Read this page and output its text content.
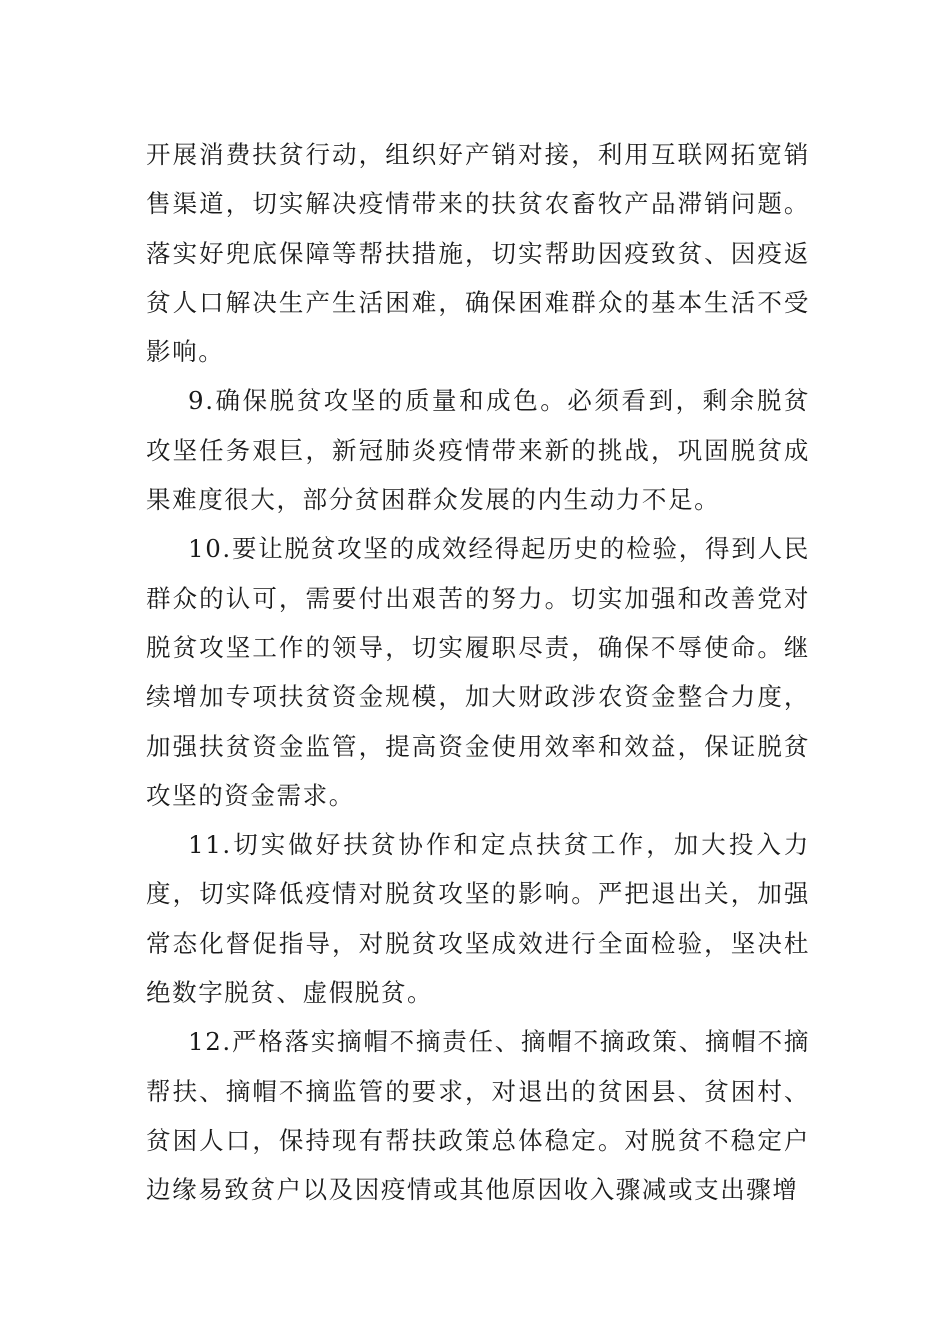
开展消费扶贫行动，组织好产销对接，利用互联网拓宽销售渠道，切实解决疫情带来的扶贫农畜牧产品滞销问题。落实好兜底保障等帮扶措施，切实帮助因疫致贫、因疫返贫人口解决生产生活困难，确保困难群众的基本生活不受影响。

9.确保脱贫攻坚的质量和成色。必须看到，剩余脱贫攻坚任务艰巨，新冠肺炎疫情带来新的挑战，巩固脱贫成果难度很大，部分贫困群众发展的内生动力不足。

10.要让脱贫攻坚的成效经得起历史的检验，得到人民群众的认可，需要付出艰苦的努力。切实加强和改善党对脱贫攻坚工作的领导，切实履职尽责，确保不辱使命。继续增加专项扶贫资金规模，加大财政涉农资金整合力度，加强扶贫资金监管，提高资金使用效率和效益，保证脱贫攻坚的资金需求。

11.切实做好扶贫协作和定点扶贫工作，加大投入力度，切实降低疫情对脱贫攻坚的影响。严把退出关，加强常态化督促指导，对脱贫攻坚成效进行全面检验，坚决杜绝数字脱贫、虚假脱贫。

12.严格落实摘帽不摘责任、摘帽不摘政策、摘帽不摘帮扶、摘帽不摘监管的要求，对退出的贫困县、贫困村、贫困人口，保持现有帮扶政策总体稳定。对脱贫不稳定户边缘易致贫户以及因疫情或其他原因收入骤减或支出骤增
